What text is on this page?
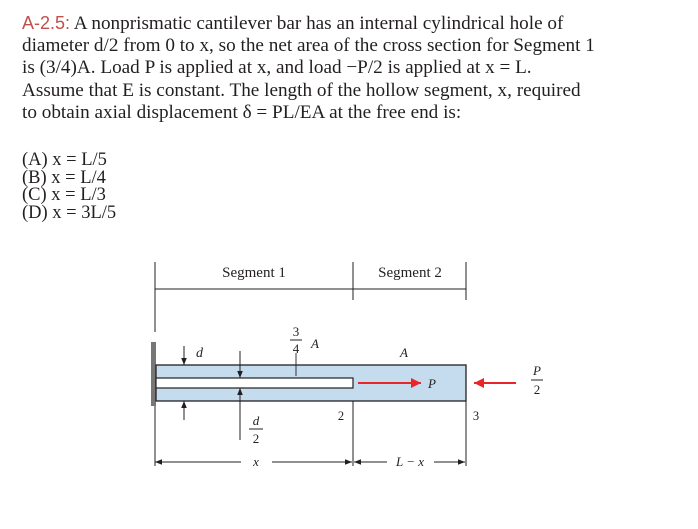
A-2.5: A nonprismatic cantilever bar has an internal cylindrical hole of

diameter d/2 from 0 to x, so the net area of the cross section for Segment 1

is (3/4)A. Load P is applied at x, and load −P/2 is applied at x = L.

Assume that E is constant. The length of the hollow segment, x, required

to obtain axial displacement δ = PL/EA at the free end is:

(A) x = L/5
(B) x = L/4
(C) x = L/3
(D) x = 3L/5
Segment 1	Segment 2
d
d
2
3
4 A
A
P
P
2
2	3
x	L − x
